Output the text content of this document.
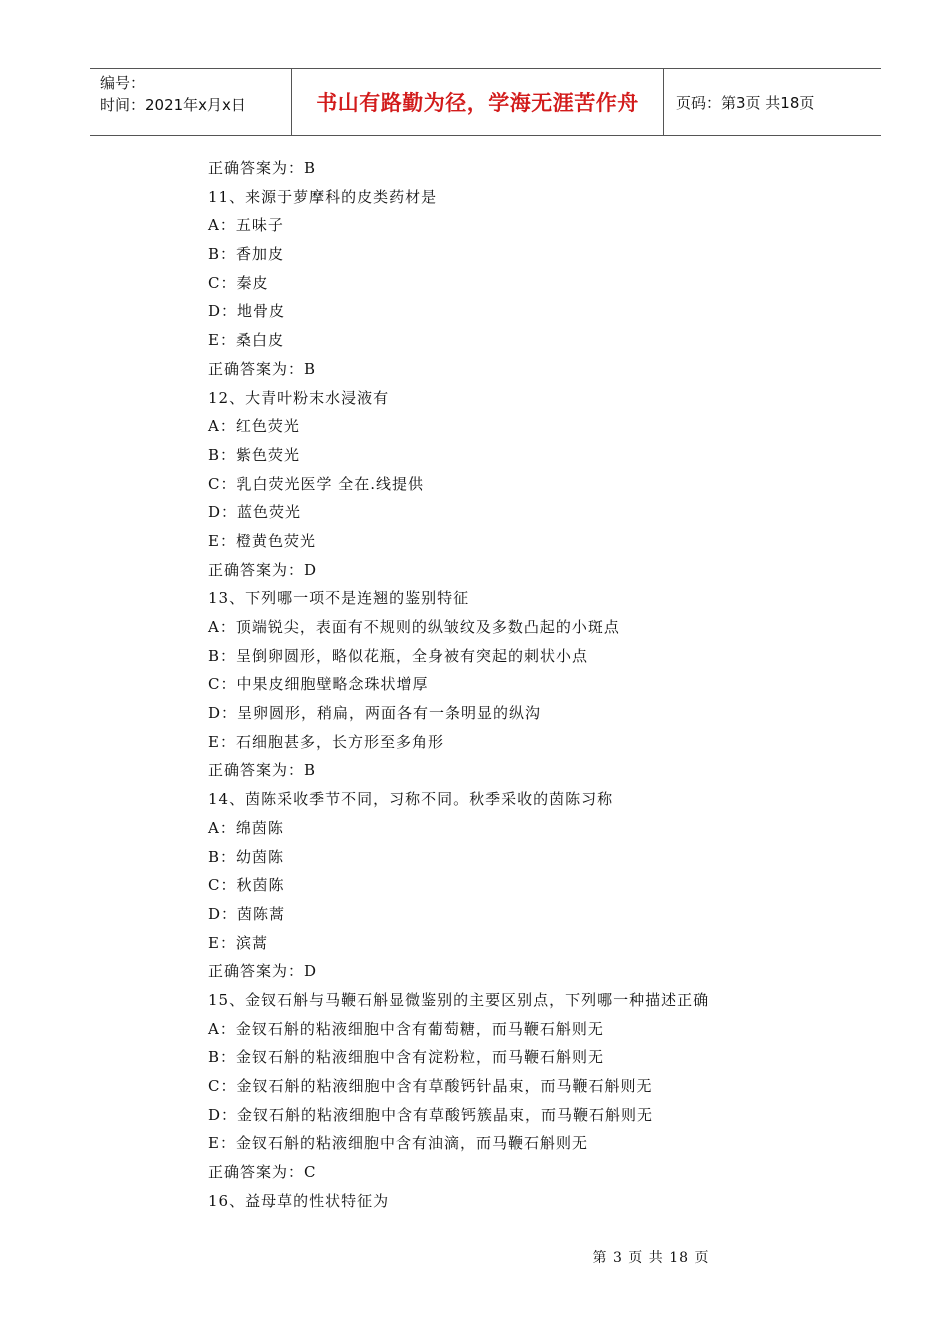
编号：
时间：2021年x月x日	书山有路勤为径，学海无涯苦作舟	页码：第3页 共18页
正确答案为：B
11、来源于萝摩科的皮类药材是
A：五味子
B：香加皮
C：秦皮
D：地骨皮
E：桑白皮
正确答案为：B
12、大青叶粉末水浸液有
A：红色荧光
B：紫色荧光
C：乳白荧光医学 全在.线提供
D：蓝色荧光
E：橙黄色荧光
正确答案为：D
13、下列哪一项不是连翘的鉴别特征
A：顶端锐尖，表面有不规则的纵皱纹及多数凸起的小斑点
B：呈倒卵圆形，略似花瓶，全身被有突起的刺状小点
C：中果皮细胞壁略念珠状增厚
D：呈卵圆形，稍扁，两面各有一条明显的纵沟
E：石细胞甚多，长方形至多角形
正确答案为：B
14、茵陈采收季节不同，习称不同。秋季采收的茵陈习称
A：绵茵陈
B：幼茵陈
C：秋茵陈
D：茵陈蒿
E：滨蒿
正确答案为：D
15、金钗石斛与马鞭石斛显微鉴别的主要区别点，下列哪一种描述正确
A：金钗石斛的粘液细胞中含有葡萄糖，而马鞭石斛则无
B：金钗石斛的粘液细胞中含有淀粉粒，而马鞭石斛则无
C：金钗石斛的粘液细胞中含有草酸钙针晶束，而马鞭石斛则无
D：金钗石斛的粘液细胞中含有草酸钙簇晶束，而马鞭石斛则无
E：金钗石斛的粘液细胞中含有油滴，而马鞭石斛则无
正确答案为：C
16、益母草的性状特征为
第 3 页 共 18 页
